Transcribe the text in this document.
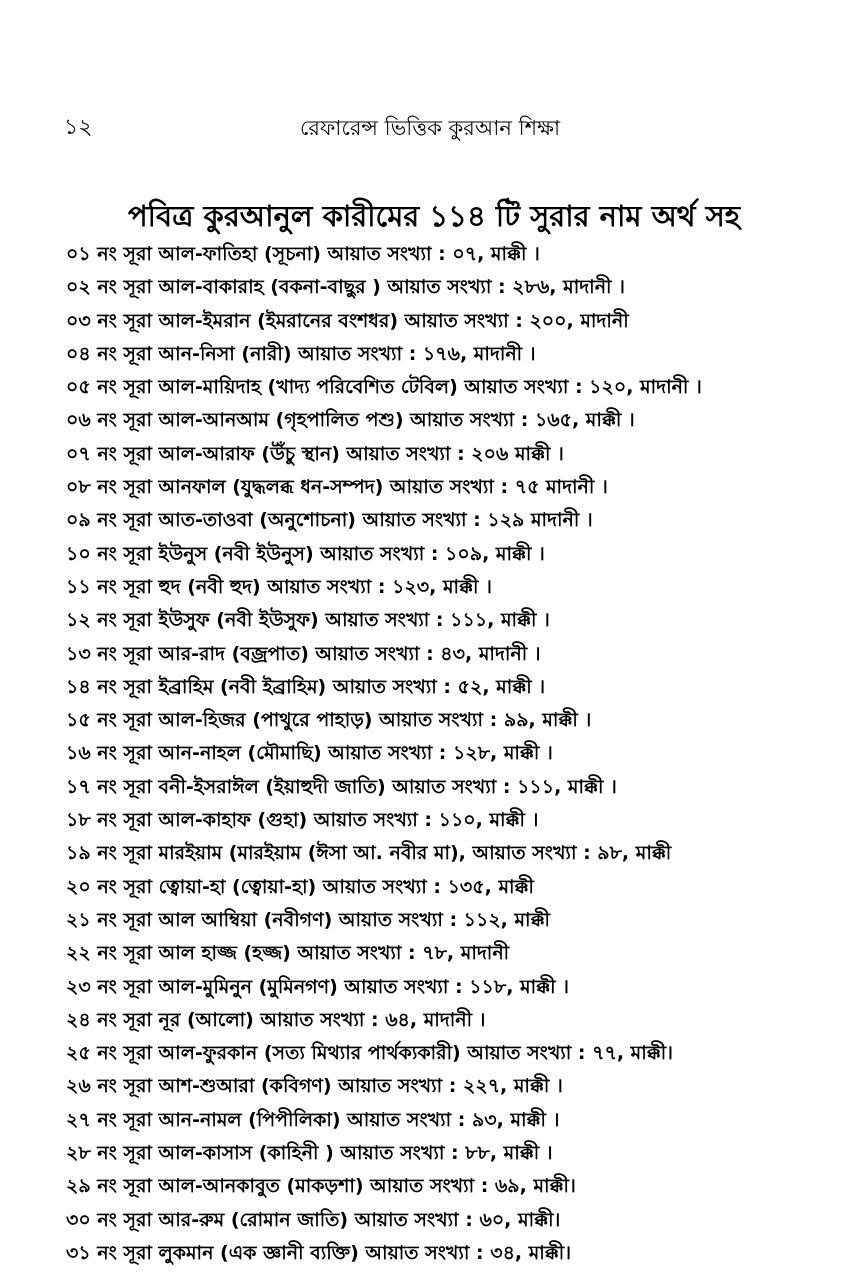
১২	রেফারেন্স ভিত্তিক কুরআন শিক্ষা
পবিত্র কুরআনুল কারীমের ১১৪ টি সুরার নাম অর্থ সহ
০১ নং সূরা আল-ফাতিহা (সূচনা) আয়াত সংখ্যা : ০৭, মাক্কী ।
০২ নং সূরা আল-বাকারাহ (বকনা-বাছুর ) আয়াত সংখ্যা : ২৮৬, মাদানী ।
০৩ নং সূরা আল-ইমরান (ইমরানের বংশধর) আয়াত সংখ্যা : ২০০, মাদানী
০৪ নং সূরা আন-নিসা (নারী) আয়াত সংখ্যা : ১৭৬, মাদানী ।
০৫ নং সূরা আল-মায়িদাহ (খাদ্য পরিবেশিত টেবিল) আয়াত সংখ্যা : ১২০, মাদানী ।
০৬ নং সূরা আল-আনআম (গৃহপালিত পশু) আয়াত সংখ্যা : ১৬৫, মাক্কী ।
০৭ নং সূরা আল-আরাফ (উঁচু স্থান) আয়াত সংখ্যা : ২০৬ মাক্কী ।
০৮ নং সূরা আনফাল (যুদ্ধলব্ধ ধন-সম্পদ) আয়াত সংখ্যা : ৭৫ মাদানী ।
০৯ নং সূরা আত-তাওবা (অনুশোচনা) আয়াত সংখ্যা : ১২৯ মাদানী ।
১০ নং সূরা ইউনুস (নবী ইউনুস) আয়াত সংখ্যা : ১০৯, মাক্কী ।
১১ নং সূরা হুদ (নবী হুদ) আয়াত সংখ্যা : ১২৩, মাক্কী ।
১২ নং সূরা ইউসুফ (নবী ইউসুফ) আয়াত সংখ্যা : ১১১, মাক্কী ।
১৩ নং সূরা আর-রাদ (বজ্রপাত) আয়াত সংখ্যা : ৪৩, মাদানী ।
১৪ নং সূরা ইব্রাহিম (নবী ইব্রাহিম) আয়াত সংখ্যা : ৫২, মাক্কী ।
১৫ নং সূরা আল-হিজর (পাথুরে পাহাড়) আয়াত সংখ্যা : ৯৯, মাক্কী ।
১৬ নং সূরা আন-নাহল (মৌমাছি) আয়াত সংখ্যা : ১২৮, মাক্কী ।
১৭ নং সূরা বনী-ইসরাঈল (ইয়াহুদী জাতি) আয়াত সংখ্যা : ১১১, মাক্কী ।
১৮ নং সূরা আল-কাহাফ (গুহা) আয়াত সংখ্যা : ১১০, মাক্কী ।
১৯ নং সূরা মারইয়াম (মারইয়াম (ঈসা আ. নবীর মা), আয়াত সংখ্যা : ৯৮, মাক্কী
২০ নং সূরা ত্বোয়া-হা (ত্বোয়া-হা) আয়াত সংখ্যা : ১৩৫, মাক্কী
২১ নং সূরা আল আম্বিয়া (নবীগণ) আয়াত সংখ্যা : ১১২, মাক্কী
২২ নং সূরা আল হাজ্জ (হজ্জ) আয়াত সংখ্যা : ৭৮, মাদানী
২৩ নং সূরা আল-মুমিনুন (মুমিনগণ) আয়াত সংখ্যা : ১১৮, মাক্কী ।
২৪ নং সূরা নূর (আলো) আয়াত সংখ্যা : ৬৪, মাদানী ।
২৫ নং সূরা আল-ফুরকান (সত্য মিথ্যার পার্থক্যকারী) আয়াত সংখ্যা : ৭৭, মাক্কী।
২৬ নং সূরা আশ-শুআরা (কবিগণ) আয়াত সংখ্যা : ২২৭, মাক্কী ।
২৭ নং সূরা আন-নামল (পিপীলিকা) আয়াত সংখ্যা : ৯৩, মাক্কী ।
২৮ নং সূরা আল-কাসাস (কাহিনী ) আয়াত সংখ্যা : ৮৮, মাক্কী ।
২৯ নং সূরা আল-আনকাবুত (মাকড়শা) আয়াত সংখ্যা : ৬৯, মাক্কী।
৩০ নং সূরা আর-রুম (রোমান জাতি) আয়াত সংখ্যা : ৬০, মাক্কী।
৩১ নং সূরা লুকমান (এক জ্ঞানী ব্যক্তি) আয়াত সংখ্যা : ৩৪, মাক্কী।
